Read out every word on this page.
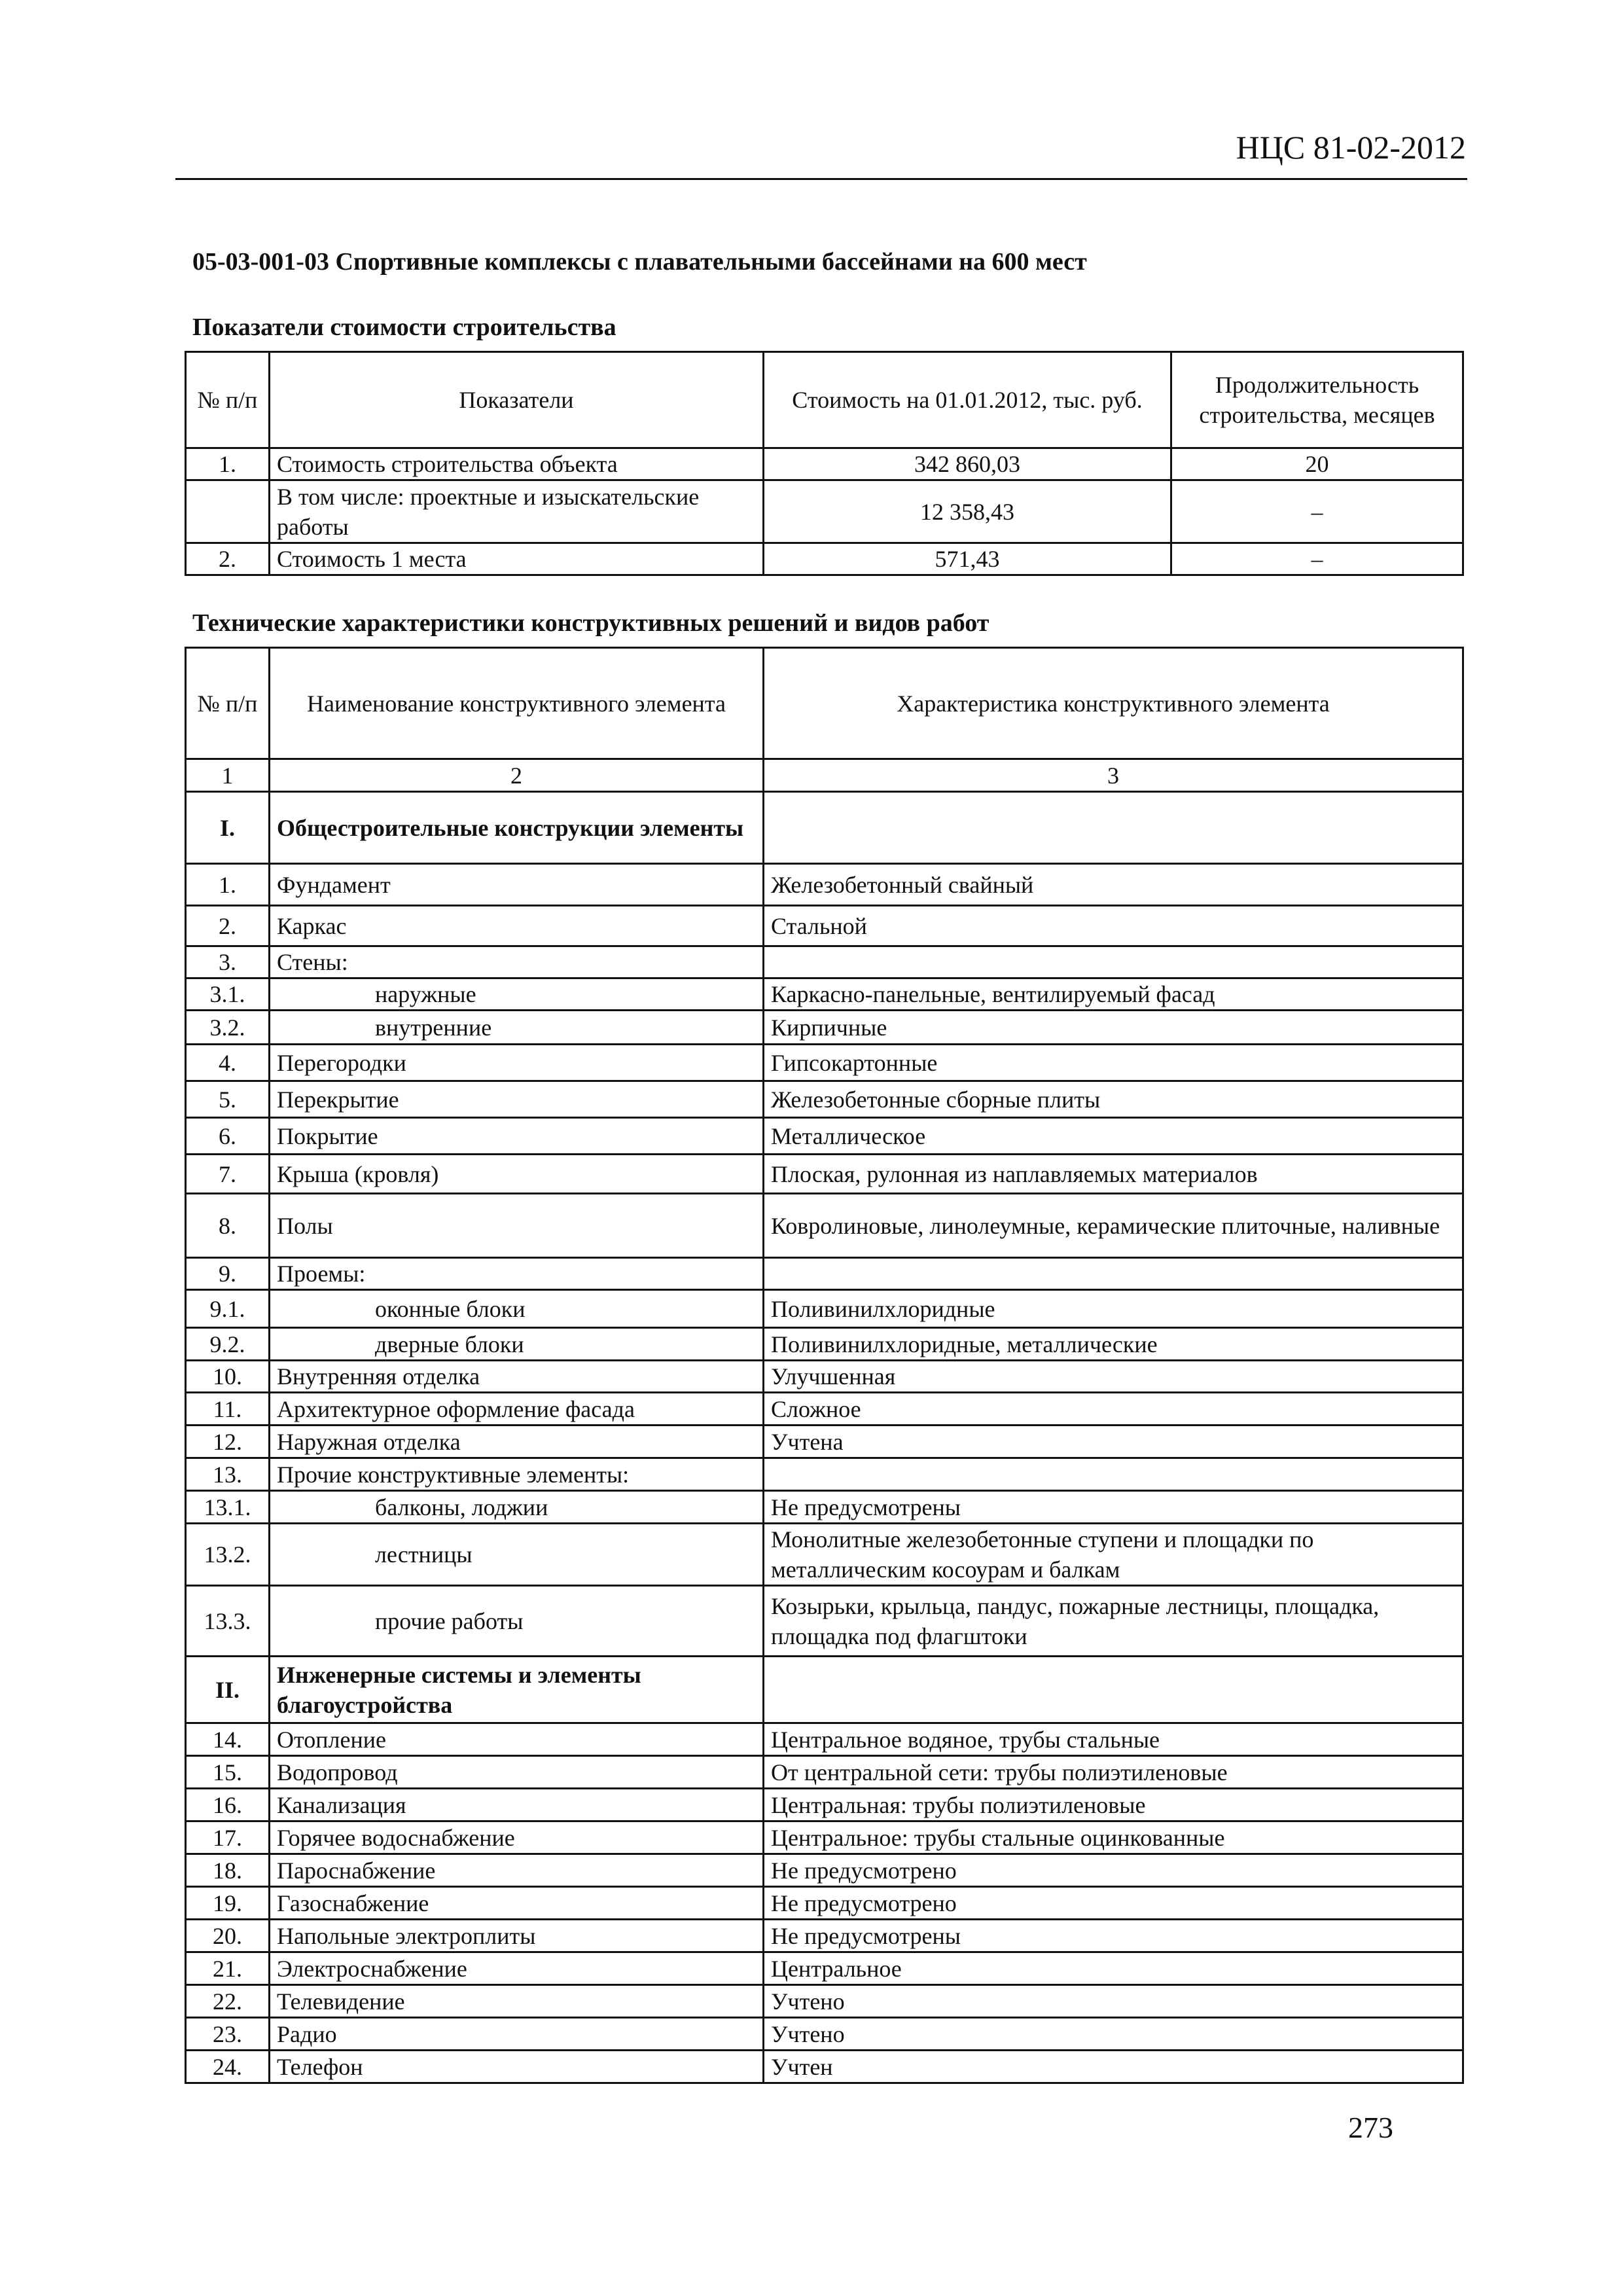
НЦС 81-02-2012
05-03-001-03 Спортивные комплексы с плавательными бассейнами на 600 мест
Показатели стоимости строительства
№ п/п	Показатели	Стоимость на 01.01.2012, тыс. руб.	Продолжительность строительства, месяцев
1.	Стоимость строительства объекта	342 860,03	20
	В том числе: проектные и изыскательские работы	12 358,43	–
2.	Стоимость 1 места	571,43	–
Технические характеристики конструктивных решений и видов работ
№ п/п	Наименование конструктивного элемента	Характеристика конструктивного элемента
1	2	3
I.	Общестроительные конструкции элементы	
1.	Фундамент	Железобетонный свайный
2.	Каркас	Стальной
3.	Стены:	
3.1.	наружные	Каркасно-панельные, вентилируемый фасад
3.2.	внутренние	Кирпичные
4.	Перегородки	Гипсокартонные
5.	Перекрытие	Железобетонные сборные плиты
6.	Покрытие	Металлическое
7.	Крыша (кровля)	Плоская, рулонная из наплавляемых материалов
8.	Полы	Ковролиновые, линолеумные, керамические плиточные, наливные
9.	Проемы:	
9.1.	оконные блоки	Поливинилхлоридные
9.2.	дверные блоки	Поливинилхлоридные, металлические
10.	Внутренняя отделка	Улучшенная
11.	Архитектурное оформление фасада	Сложное
12.	Наружная отделка	Учтена
13.	Прочие конструктивные элементы:	
13.1.	балконы, лоджии	Не предусмотрены
13.2.	лестницы	Монолитные железобетонные ступени и площадки по металлическим косоурам и балкам
13.3.	прочие работы	Козырьки, крыльца, пандус, пожарные лестницы, площадка, площадка под флагштоки
II.	Инженерные системы и элементы благоустройства	
14.	Отопление	Центральное водяное, трубы стальные
15.	Водопровод	От центральной сети: трубы полиэтиленовые
16.	Канализация	Центральная: трубы полиэтиленовые
17.	Горячее водоснабжение	Центральное: трубы стальные оцинкованные
18.	Пароснабжение	Не предусмотрено
19.	Газоснабжение	Не предусмотрено
20.	Напольные электроплиты	Не предусмотрены
21.	Электроснабжение	Центральное
22.	Телевидение	Учтено
23.	Радио	Учтено
24.	Телефон	Учтен
273
